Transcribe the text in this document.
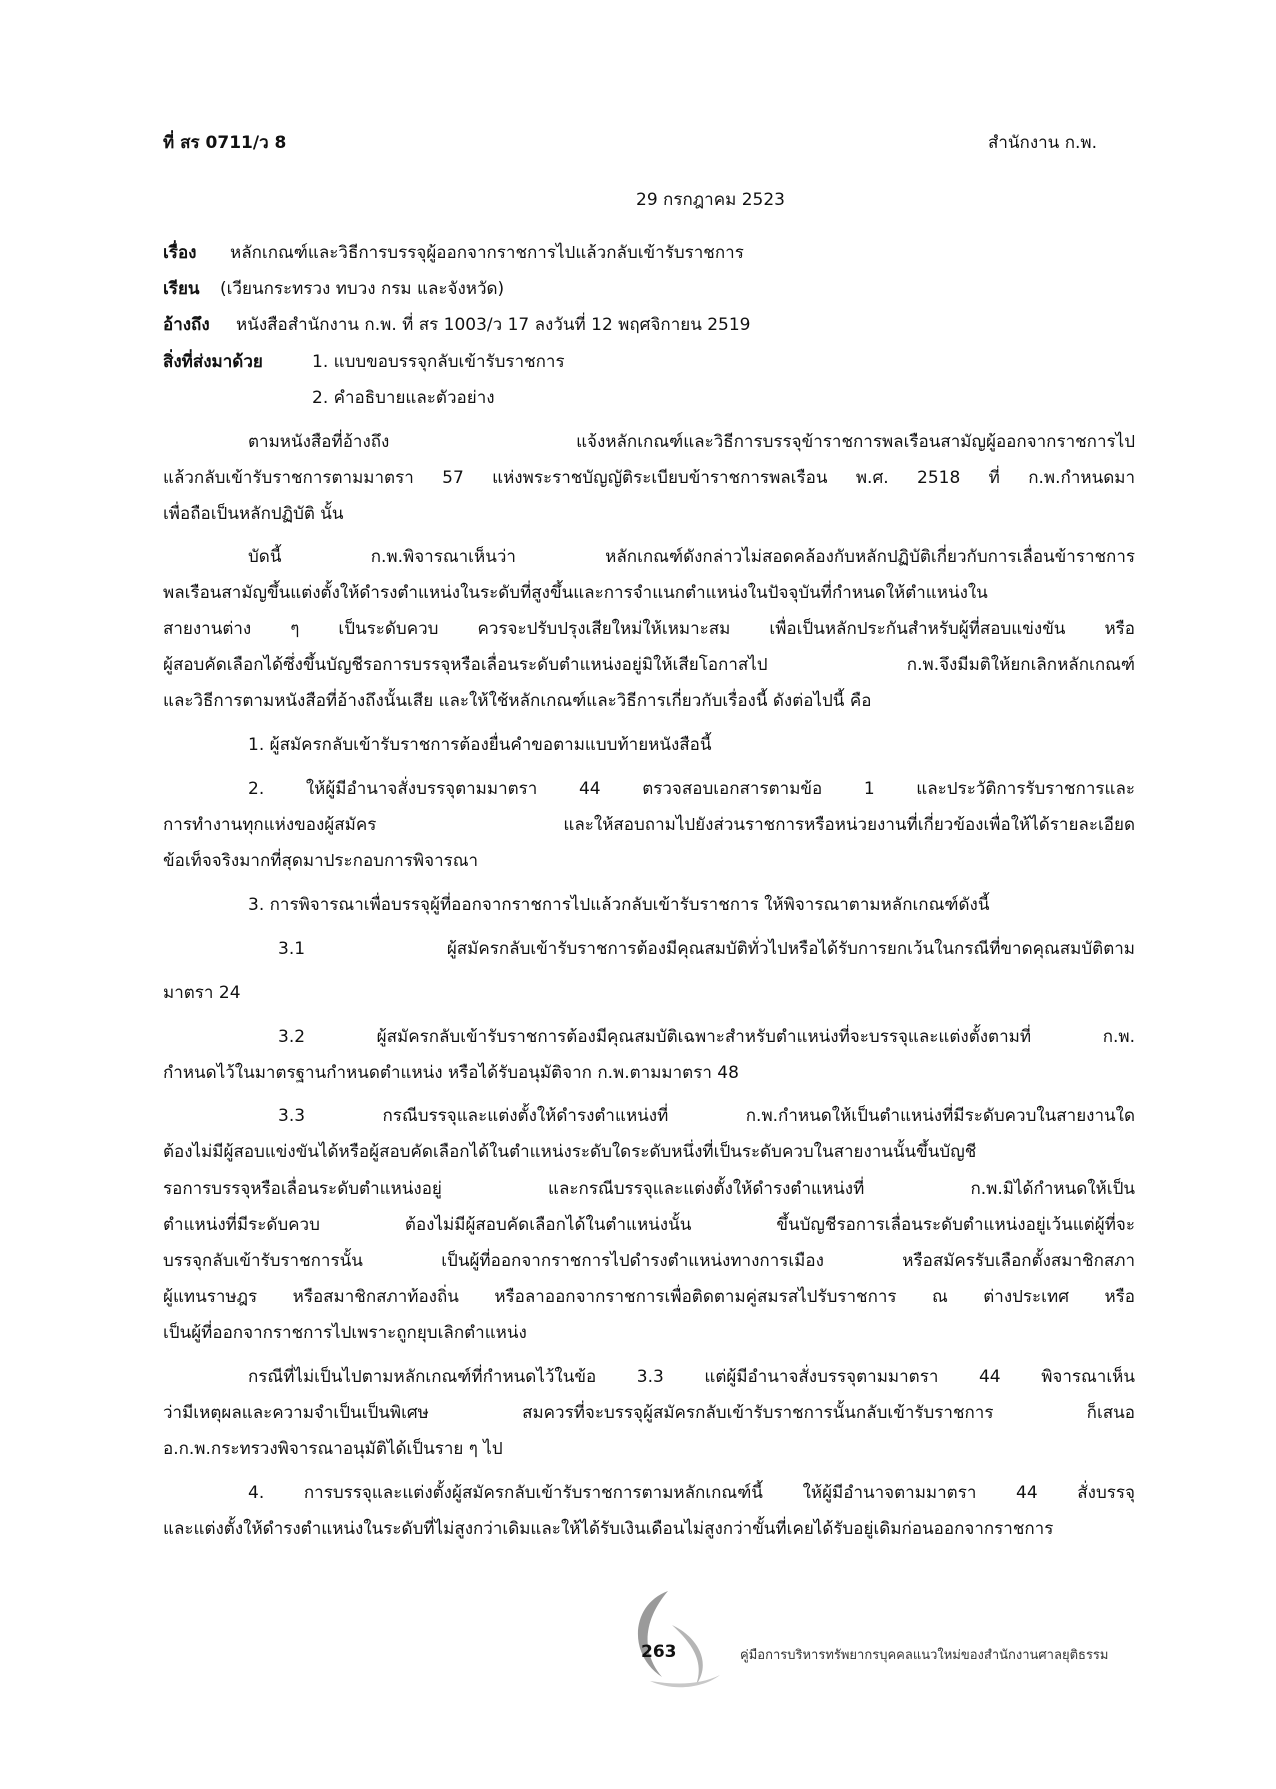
ที่ สร 0711/ว 8	สำนักงาน ก.พ.
29 กรกฎาคม 2523
เรื่อง หลักเกณฑ์และวิธีการบรรจุผู้ออกจากราชการไปแล้วกลับเข้ารับราชการ
เรียน (เวียนกระทรวง ทบวง กรม และจังหวัด)
อ้างถึง หนังสือสำนักงาน ก.พ. ที่ สร 1003/ว 17 ลงวันที่ 12 พฤศจิกายน 2519
สิ่งที่ส่งมาด้วย	1. แบบขอบรรจุกลับเข้ารับราชการ
2. คำอธิบายและตัวอย่าง
ตามหนังสือที่อ้างถึง แจ้งหลักเกณฑ์และวิธีการบรรจุข้าราชการพลเรือนสามัญผู้ออกจากราชการไป
แล้วกลับเข้ารับราชการตามมาตรา 57 แห่งพระราชบัญญัติระเบียบข้าราชการพลเรือน พ.ศ. 2518 ที่ ก.พ.กำหนดมา
เพื่อถือเป็นหลักปฏิบัติ นั้น
บัดนี้ ก.พ.พิจารณาเห็นว่า หลักเกณฑ์ดังกล่าวไม่สอดคล้องกับหลักปฏิบัติเกี่ยวกับการเลื่อนข้าราชการ
พลเรือนสามัญขึ้นแต่งตั้งให้ดำรงตำแหน่งในระดับที่สูงขึ้นและการจำแนกตำแหน่งในปัจจุบันที่กำหนดให้ตำแหน่งใน
สายงานต่าง ๆ เป็นระดับควบ ควรจะปรับปรุงเสียใหม่ให้เหมาะสม เพื่อเป็นหลักประกันสำหรับผู้ที่สอบแข่งขัน หรือ
ผู้สอบคัดเลือกได้ซึ่งขึ้นบัญชีรอการบรรจุหรือเลื่อนระดับตำแหน่งอยู่มิให้เสียโอกาสไป ก.พ.จึงมีมติให้ยกเลิกหลักเกณฑ์
และวิธีการตามหนังสือที่อ้างถึงนั้นเสีย และให้ใช้หลักเกณฑ์และวิธีการเกี่ยวกับเรื่องนี้ ดังต่อไปนี้ คือ
1. ผู้สมัครกลับเข้ารับราชการต้องยื่นคำขอตามแบบท้ายหนังสือนี้
2. ให้ผู้มีอำนาจสั่งบรรจุตามมาตรา 44 ตรวจสอบเอกสารตามข้อ 1 และประวัติการรับราชการและ
การทำงานทุกแห่งของผู้สมัคร และให้สอบถามไปยังส่วนราชการหรือหน่วยงานที่เกี่ยวข้องเพื่อให้ได้รายละเอียด
ข้อเท็จจริงมากที่สุดมาประกอบการพิจารณา
3. การพิจารณาเพื่อบรรจุผู้ที่ออกจากราชการไปแล้วกลับเข้ารับราชการ ให้พิจารณาตามหลักเกณฑ์ดังนี้
3.1 ผู้สมัครกลับเข้ารับราชการต้องมีคุณสมบัติทั่วไปหรือได้รับการยกเว้นในกรณีที่ขาดคุณสมบัติตาม
มาตรา 24
3.2 ผู้สมัครกลับเข้ารับราชการต้องมีคุณสมบัติเฉพาะสำหรับตำแหน่งที่จะบรรจุและแต่งตั้งตามที่ ก.พ.
กำหนดไว้ในมาตรฐานกำหนดตำแหน่ง หรือได้รับอนุมัติจาก ก.พ.ตามมาตรา 48
3.3 กรณีบรรจุและแต่งตั้งให้ดำรงตำแหน่งที่ ก.พ.กำหนดให้เป็นตำแหน่งที่มีระดับควบในสายงานใด
ต้องไม่มีผู้สอบแข่งขันได้หรือผู้สอบคัดเลือกได้ในตำแหน่งระดับใดระดับหนึ่งที่เป็นระดับควบในสายงานนั้นขึ้นบัญชี
รอการบรรจุหรือเลื่อนระดับตำแหน่งอยู่ และกรณีบรรจุและแต่งตั้งให้ดำรงตำแหน่งที่ ก.พ.มิได้กำหนดให้เป็น
ตำแหน่งที่มีระดับควบ ต้องไม่มีผู้สอบคัดเลือกได้ในตำแหน่งนั้น ขึ้นบัญชีรอการเลื่อนระดับตำแหน่งอยู่เว้นแต่ผู้ที่จะ
บรรจุกลับเข้ารับราชการนั้น เป็นผู้ที่ออกจากราชการไปดำรงตำแหน่งทางการเมือง หรือสมัครรับเลือกตั้งสมาชิกสภา
ผู้แทนราษฎร หรือสมาชิกสภาท้องถิ่น หรือลาออกจากราชการเพื่อติดตามคู่สมรสไปรับราชการ ณ ต่างประเทศ หรือ
เป็นผู้ที่ออกจากราชการไปเพราะถูกยุบเลิกตำแหน่ง
กรณีที่ไม่เป็นไปตามหลักเกณฑ์ที่กำหนดไว้ในข้อ 3.3 แต่ผู้มีอำนาจสั่งบรรจุตามมาตรา 44 พิจารณาเห็น
ว่ามีเหตุผลและความจำเป็นเป็นพิเศษ สมควรที่จะบรรจุผู้สมัครกลับเข้ารับราชการนั้นกลับเข้ารับราชการ ก็เสนอ
อ.ก.พ.กระทรวงพิจารณาอนุมัติได้เป็นราย ๆ ไป
4. การบรรจุและแต่งตั้งผู้สมัครกลับเข้ารับราชการตามหลักเกณฑ์นี้ ให้ผู้มีอำนาจตามมาตรา 44 สั่งบรรจุ
และแต่งตั้งให้ดำรงตำแหน่งในระดับที่ไม่สูงกว่าเดิมและให้ได้รับเงินเดือนไม่สูงกว่าขั้นที่เคยได้รับอยู่เดิมก่อนออกจากราชการ
263	คู่มือการบริหารทรัพยากรบุคคลแนวใหม่ของสำนักงานศาลยุติธรรม
